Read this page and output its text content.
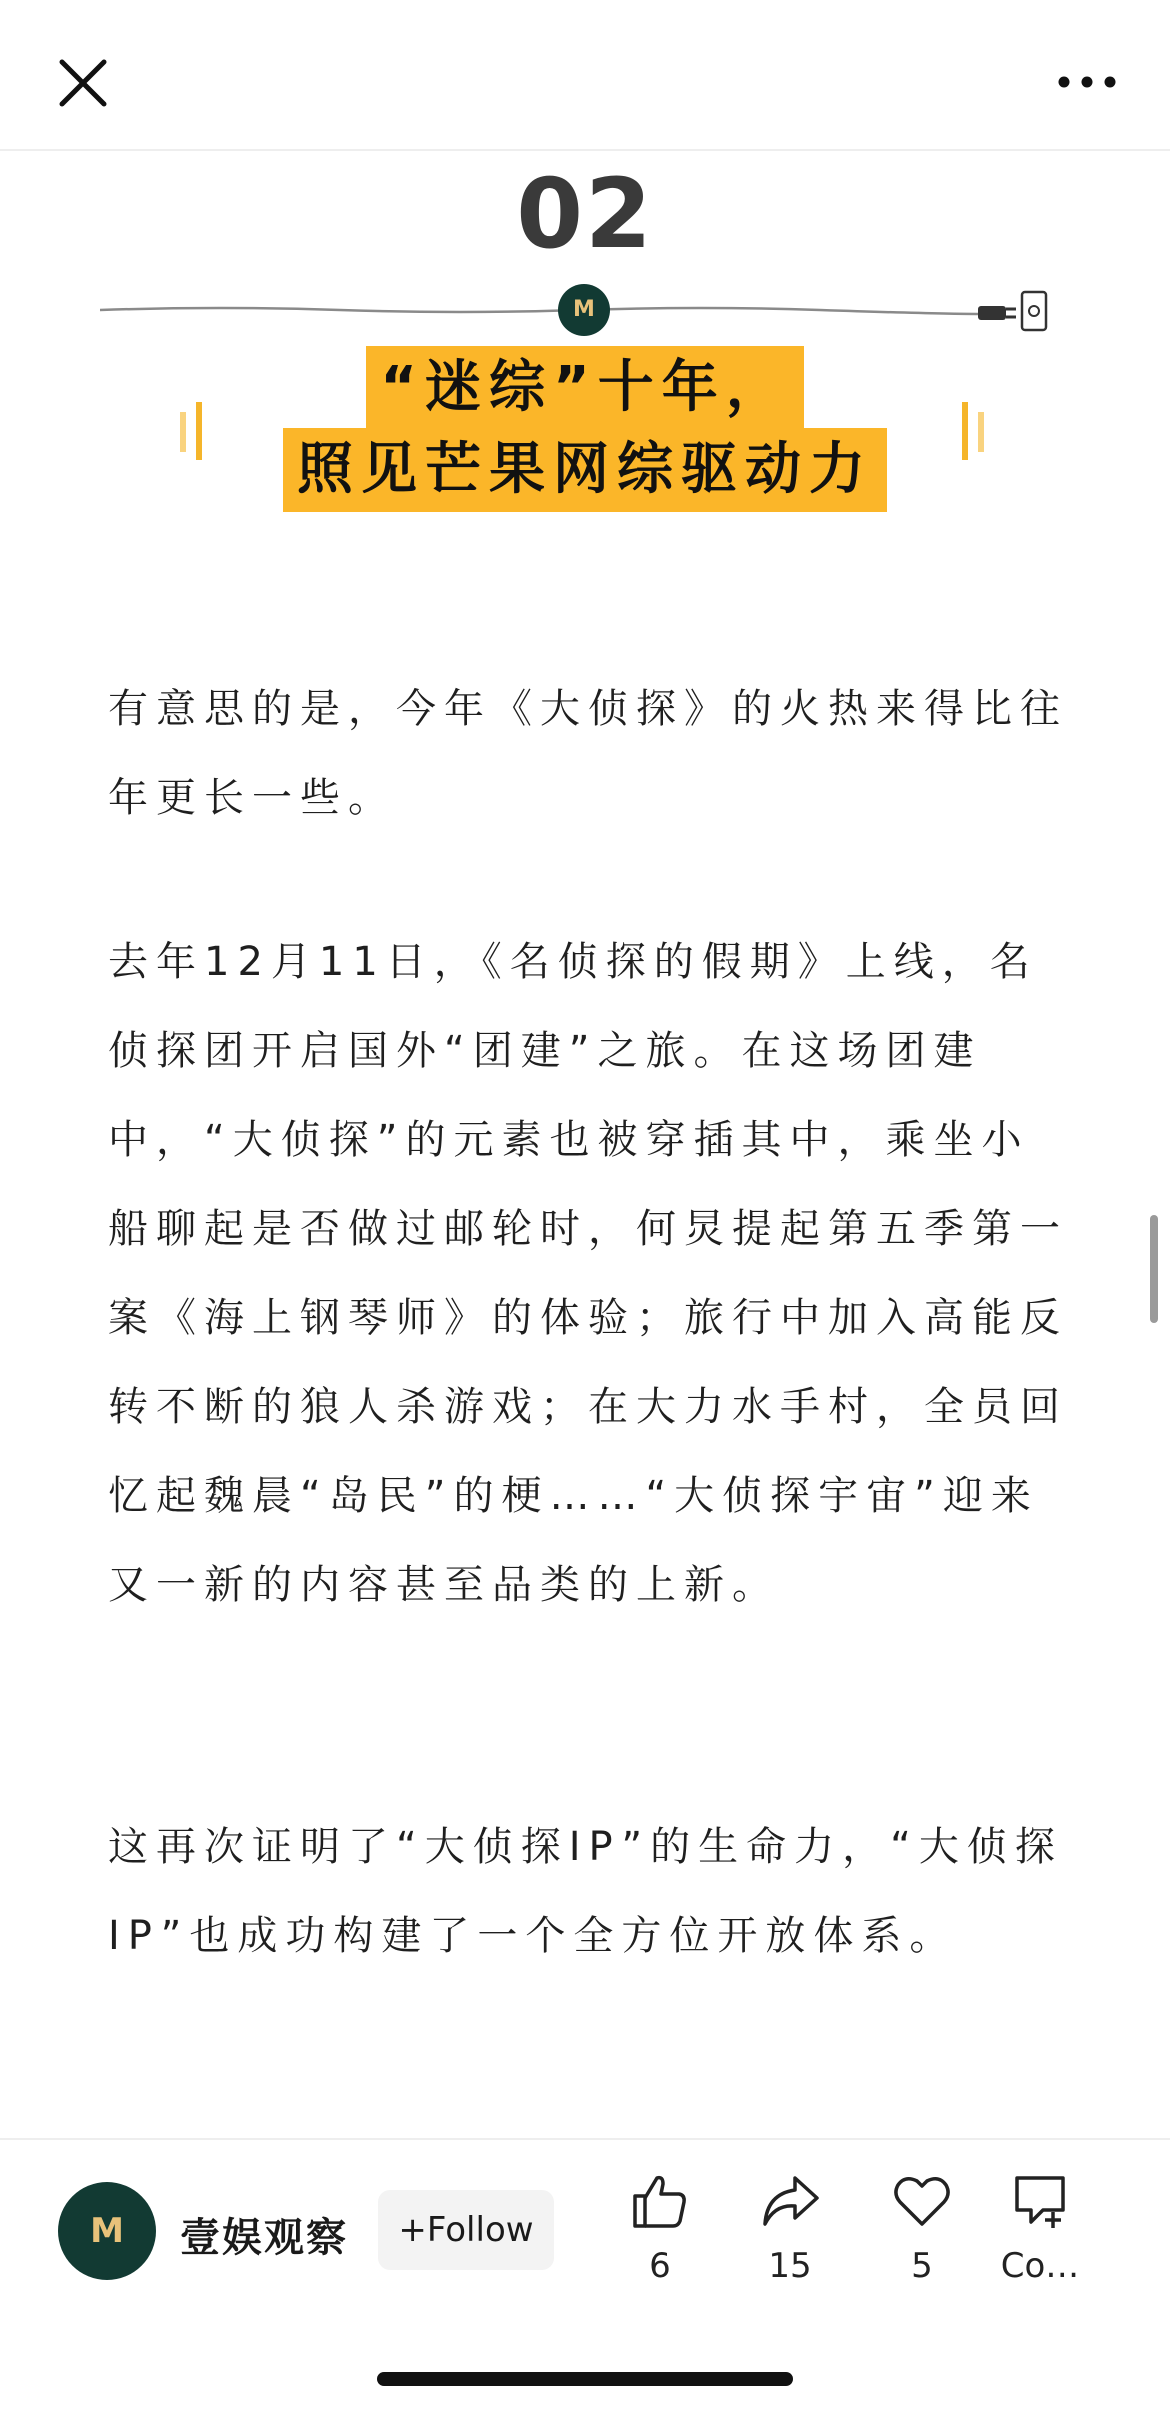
02
M
“迷综”十年，
照见芒果网综驱动力

有意思的是，今年《大侦探》的火热来得比往年更长一些。

去年12月11日，《名侦探的假期》上线，名侦探团开启国外“团建”之旅。在这场团建中，“大侦探”的元素也被穿插其中，乘坐小船聊起是否做过邮轮时，何炅提起第五季第一案《海上钢琴师》的体验；旅行中加入高能反转不断的狼人杀游戏；在大力水手村，全员回忆起魏晨“岛民”的梗……“大侦探宇宙”迎来又一新的内容甚至品类的上新。

这再次证明了“大侦探IP”的生命力，“大侦探IP”也成功构建了一个全方位开放体系。

M	壹娱观察	+Follow
6	15	5	Co…
